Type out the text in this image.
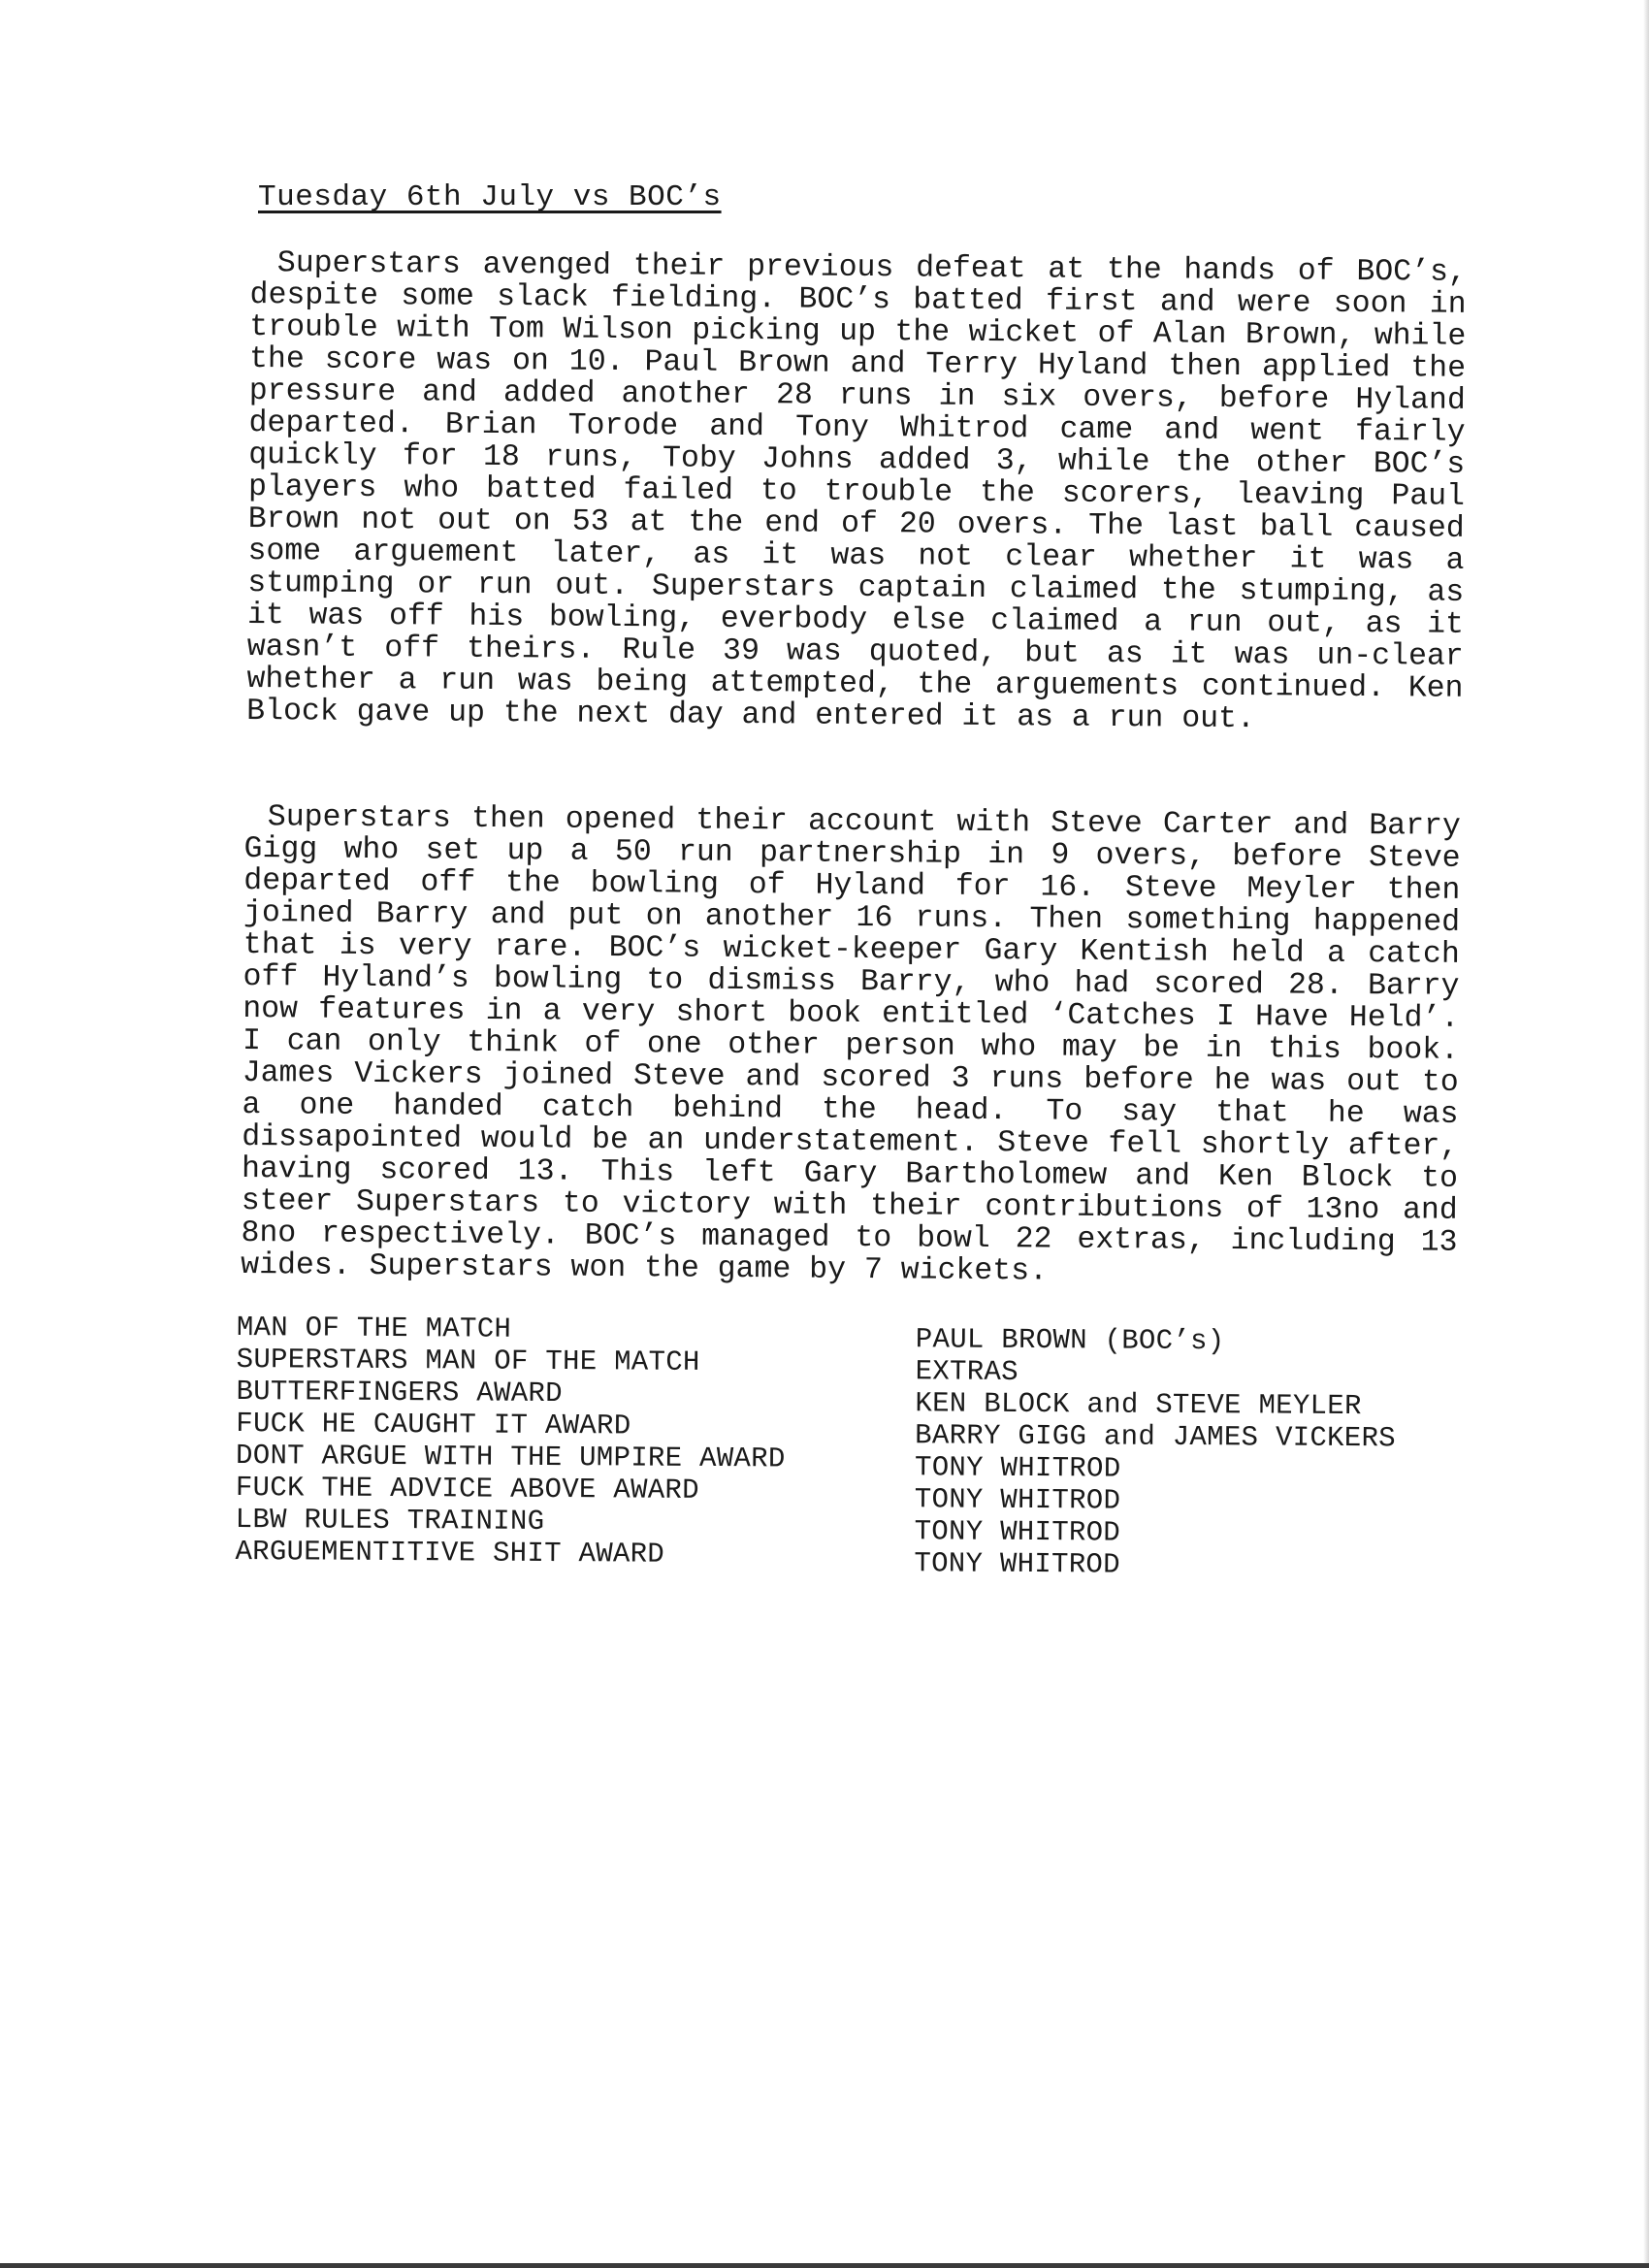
Tuesday 6th July vs BOC’s

Superstars avenged their previous defeat at the hands of BOC’s, despite some slack fielding. BOC’s batted first and were soon in trouble with Tom Wilson picking up the wicket of Alan Brown, while the score was on 10. Paul Brown and Terry Hyland then applied the pressure and added another 28 runs in six overs, before Hyland departed. Brian Torode and Tony Whitrod came and went fairly quickly for 18 runs, Toby Johns added 3, while the other BOC’s players who batted failed to trouble the scorers, leaving Paul Brown not out on 53 at the end of 20 overs. The last ball caused some arguement later, as it was not clear whether it was a stumping or run out. Superstars captain claimed the stumping, as it was off his bowling, everbody else claimed a run out, as it wasn’t off theirs. Rule 39 was quoted, but as it was un-clear whether a run was being attempted, the arguements continued. Ken Block gave up the next day and entered it as a run out.

Superstars then opened their account with Steve Carter and Barry Gigg who set up a 50 run partnership in 9 overs, before Steve departed off the bowling of Hyland for 16. Steve Meyler then joined Barry and put on another 16 runs. Then something happened that is very rare. BOC’s wicket-keeper Gary Kentish held a catch off Hyland’s bowling to dismiss Barry, who had scored 28. Barry now features in a very short book entitled ‘Catches I Have Held’. I can only think of one other person who may be in this book. James Vickers joined Steve and scored 3 runs before he was out to a one handed catch behind the head. To say that he was dissapointed would be an understatement. Steve fell shortly after, having scored 13. This left Gary Bartholomew and Ken Block to steer Superstars to victory with their contributions of 13no and 8no respectively. BOC’s managed to bowl 22 extras, including 13 wides. Superstars won the game by 7 wickets.

MAN OF THE MATCH
SUPERSTARS MAN OF THE MATCH
BUTTERFINGERS AWARD
FUCK HE CAUGHT IT AWARD
DONT ARGUE WITH THE UMPIRE AWARD
FUCK THE ADVICE ABOVE AWARD
LBW RULES TRAINING
ARGUEMENTITIVE SHIT AWARD
PAUL BROWN (BOC’s)
EXTRAS
KEN BLOCK and STEVE MEYLER
BARRY GIGG and JAMES VICKERS
TONY WHITROD
TONY WHITROD
TONY WHITROD
TONY WHITROD
